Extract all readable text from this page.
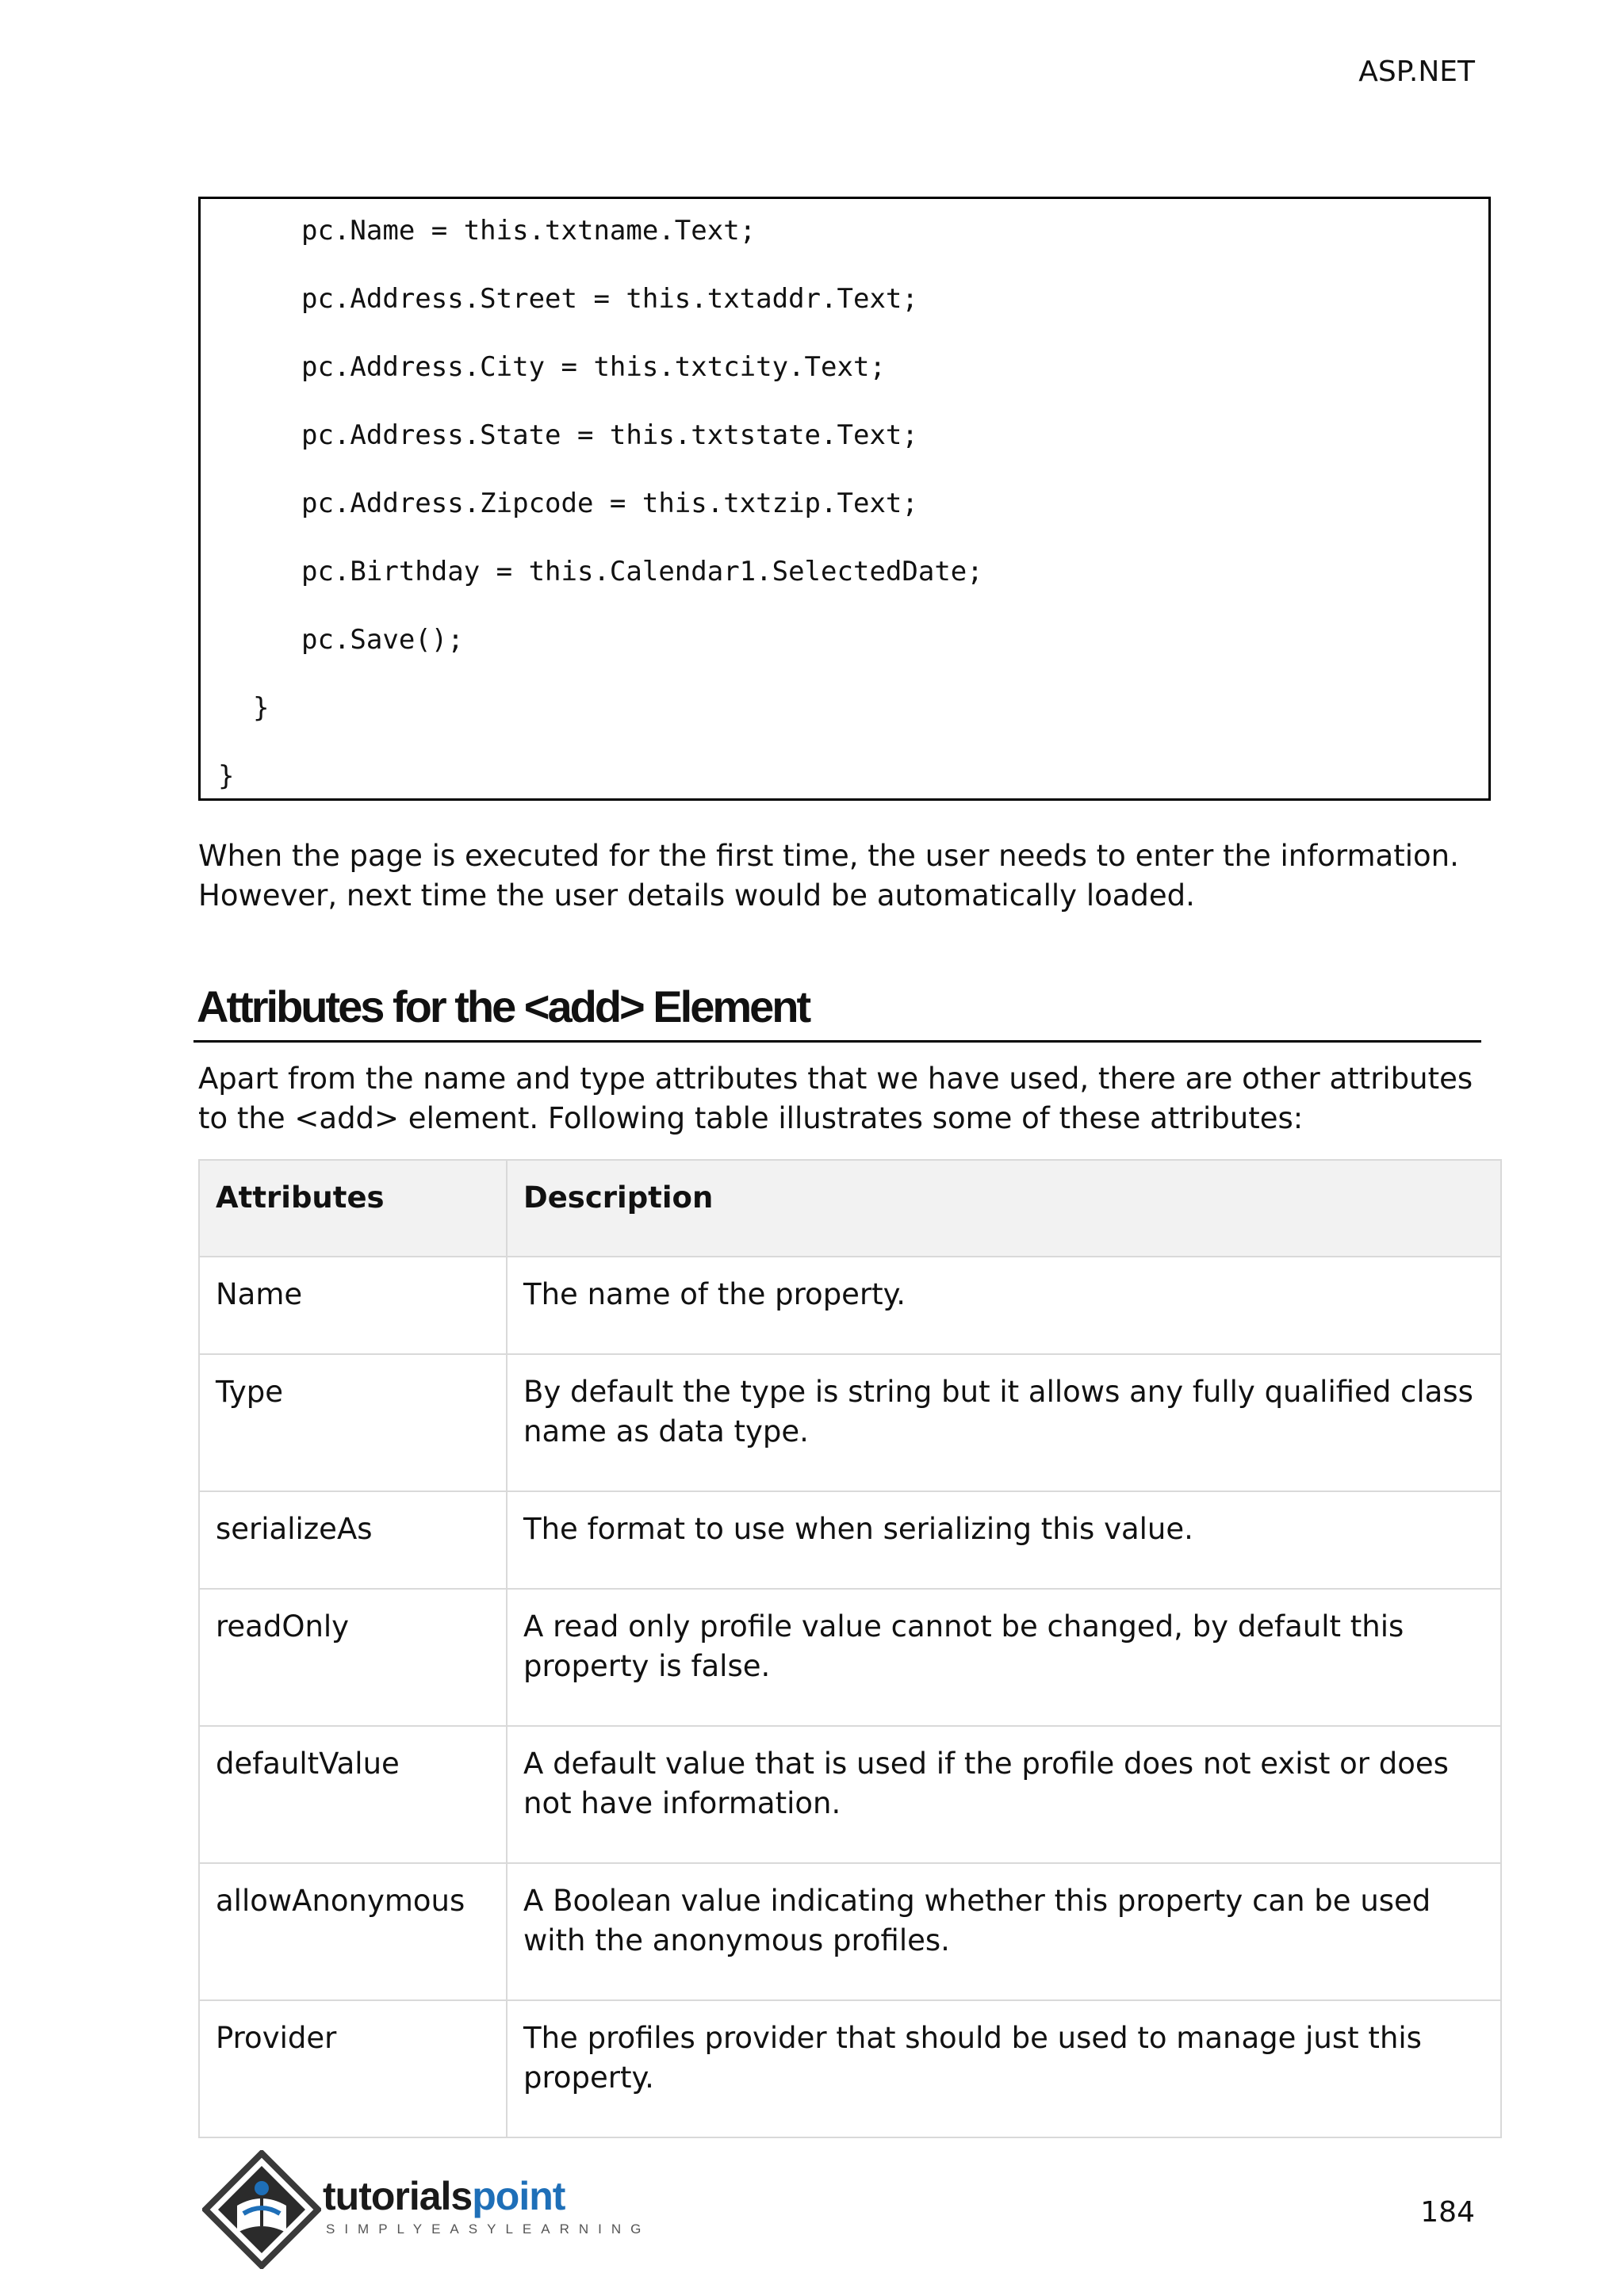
ASP.NET
pc.Name = this.txtname.Text;
pc.Address.Street = this.txtaddr.Text;
pc.Address.City = this.txtcity.Text;
pc.Address.State = this.txtstate.Text;
pc.Address.Zipcode = this.txtzip.Text;
pc.Birthday = this.Calendar1.SelectedDate;
pc.Save();
}
}
When the page is executed for the first time, the user needs to enter the information. However, next time the user details would be automatically loaded.
Attributes for the <add> Element
Apart from the name and type attributes that we have used, there are other attributes to the <add> element. Following table illustrates some of these attributes:
Attributes	Description
Name	The name of the property.
Type	By default the type is string but it allows any fully qualified class name as data type.
serializeAs	The format to use when serializing this value.
readOnly	A read only profile value cannot be changed, by default this property is false.
defaultValue	A default value that is used if the profile does not exist or does not have information.
allowAnonymous	A Boolean value indicating whether this property can be used with the anonymous profiles.
Provider	The profiles provider that should be used to manage just this property.
tutorialspoint
SIMPLYEASYLEARNING
184
